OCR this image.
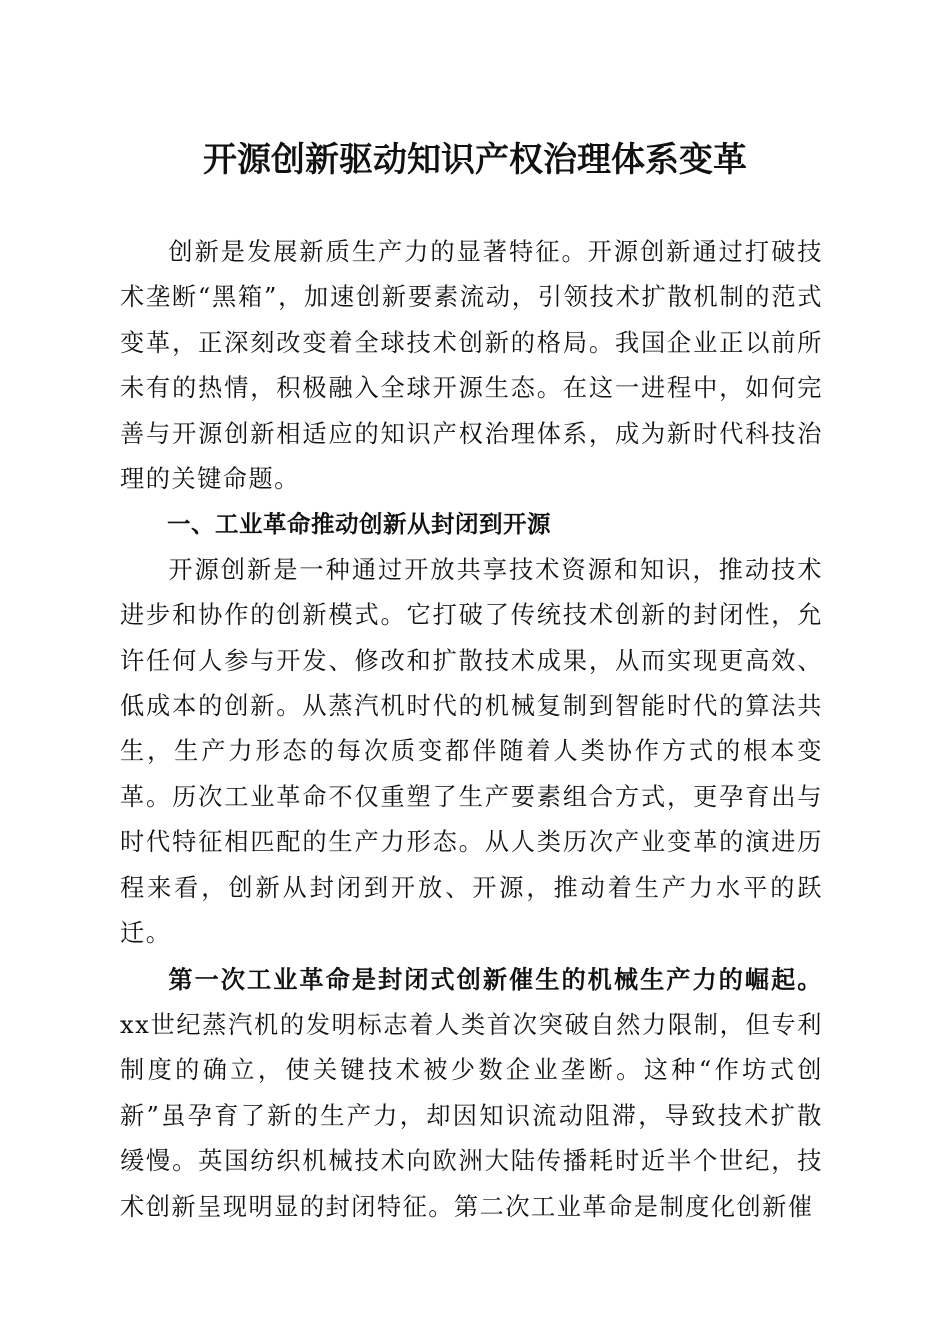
开源创新驱动知识产权治理体系变革

创新是发展新质生产力的显著特征。开源创新通过打破技术垄断“黑箱”，加速创新要素流动，引领技术扩散机制的范式变革，正深刻改变着全球技术创新的格局。我国企业正以前所未有的热情，积极融入全球开源生态。在这一进程中，如何完善与开源创新相适应的知识产权治理体系，成为新时代科技治理的关键命题。

一、工业革命推动创新从封闭到开源

开源创新是一种通过开放共享技术资源和知识，推动技术进步和协作的创新模式。它打破了传统技术创新的封闭性，允许任何人参与开发、修改和扩散技术成果，从而实现更高效、低成本的创新。从蒸汽机时代的机械复制到智能时代的算法共生，生产力形态的每次质变都伴随着人类协作方式的根本变革。历次工业革命不仅重塑了生产要素组合方式，更孕育出与时代特征相匹配的生产力形态。从人类历次产业变革的演进历程来看，创新从封闭到开放、开源，推动着生产力水平的跃迁。

第一次工业革命是封闭式创新催生的机械生产力的崛起。xx世纪蒸汽机的发明标志着人类首次突破自然力限制，但专利制度的确立，使关键技术被少数企业垄断。这种“作坊式创新”虽孕育了新的生产力，却因知识流动阻滞，导致技术扩散缓慢。英国纺织机械技术向欧洲大陆传播耗时近半个世纪，技术创新呈现明显的封闭特征。第二次工业革命是制度化创新催
